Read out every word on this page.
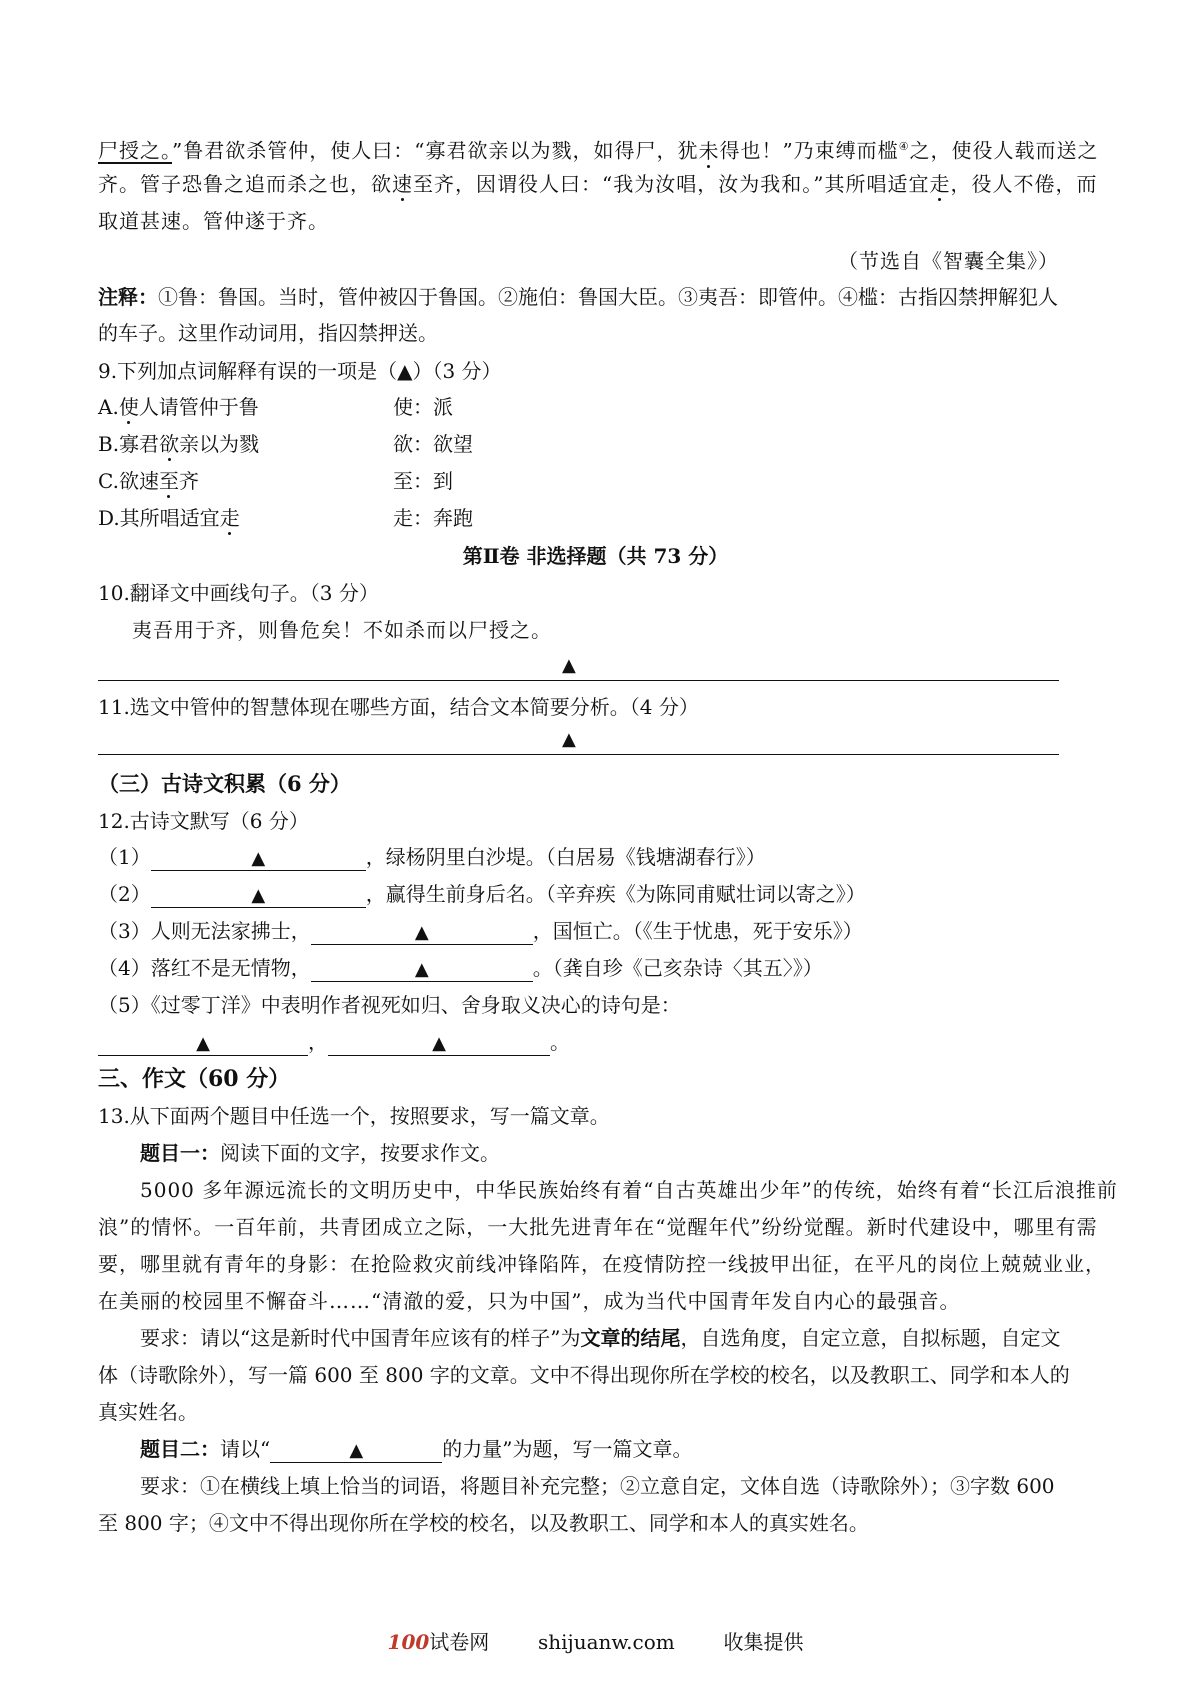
尸授之。”鲁君欲杀管仲，使人曰：“寡君欲亲以为戮，如得尸，犹未得也！”乃束缚而槛④之，使役人载而送之
齐。管子恐鲁之追而杀之也，欲速至齐，因谓役人曰：“我为汝唱，汝为我和。”其所唱适宜走，役人不倦，而
取道甚速。管仲遂于齐。
（节选自《智囊全集》）
注释：①鲁：鲁国。当时，管仲被囚于鲁国。②施伯：鲁国大臣。③夷吾：即管仲。④槛：古指囚禁押解犯人
的车子。这里作动词用，指囚禁押送。
9.下列加点词解释有误的一项是（▲）（3 分）
A.使人请管仲于鲁	使：派
B.寡君欲亲以为戮	欲：欲望
C.欲速至齐	至：到
D.其所唱适宜走	走：奔跑
第Ⅱ卷 非选择题（共 73 分）
10.翻译文中画线句子。（3 分）
夷吾用于齐，则鲁危矣！不如杀而以尸授之。
▲
11.选文中管仲的智慧体现在哪些方面，结合文本简要分析。（4 分）
▲
（三）古诗文积累（6 分）
12.古诗文默写（6 分）
（1）	▲	，绿杨阴里白沙堤。（白居易《钱塘湖春行》）
（2）	▲	，赢得生前身后名。（辛弃疾《为陈同甫赋壮词以寄之》）
（3）人则无法家拂士，	▲	，国恒亡。（《生于忧患，死于安乐》）
（4）落红不是无情物，	▲	。（龚自珍《己亥杂诗〈其五〉》）
（5）《过零丁洋》中表明作者视死如归、舍身取义决心的诗句是：
▲	，	▲	。
三、作文（60 分）
13.从下面两个题目中任选一个，按照要求，写一篇文章。
题目一：阅读下面的文字，按要求作文。
5000 多年源远流长的文明历史中，中华民族始终有着“自古英雄出少年”的传统，始终有着“长江后浪推前
浪”的情怀。一百年前，共青团成立之际，一大批先进青年在“觉醒年代”纷纷觉醒。新时代建设中，哪里有需
要，哪里就有青年的身影：在抢险救灾前线冲锋陷阵，在疫情防控一线披甲出征，在平凡的岗位上兢兢业业，
在美丽的校园里不懈奋斗……“清澈的爱，只为中国”，成为当代中国青年发自内心的最强音。
要求：请以“这是新时代中国青年应该有的样子”为文章的结尾，自选角度，自定立意，自拟标题，自定文
体（诗歌除外），写一篇 600 至 800 字的文章。文中不得出现你所在学校的校名，以及教职工、同学和本人的
真实姓名。
题目二：请以“	▲	的力量”为题，写一篇文章。
要求：①在横线上填上恰当的词语，将题目补充完整；②立意自定，文体自选（诗歌除外）；③字数 600
至 800 字；④文中不得出现你所在学校的校名，以及教职工、同学和本人的真实姓名。
100试卷网 shijuanw.com 收集提供
